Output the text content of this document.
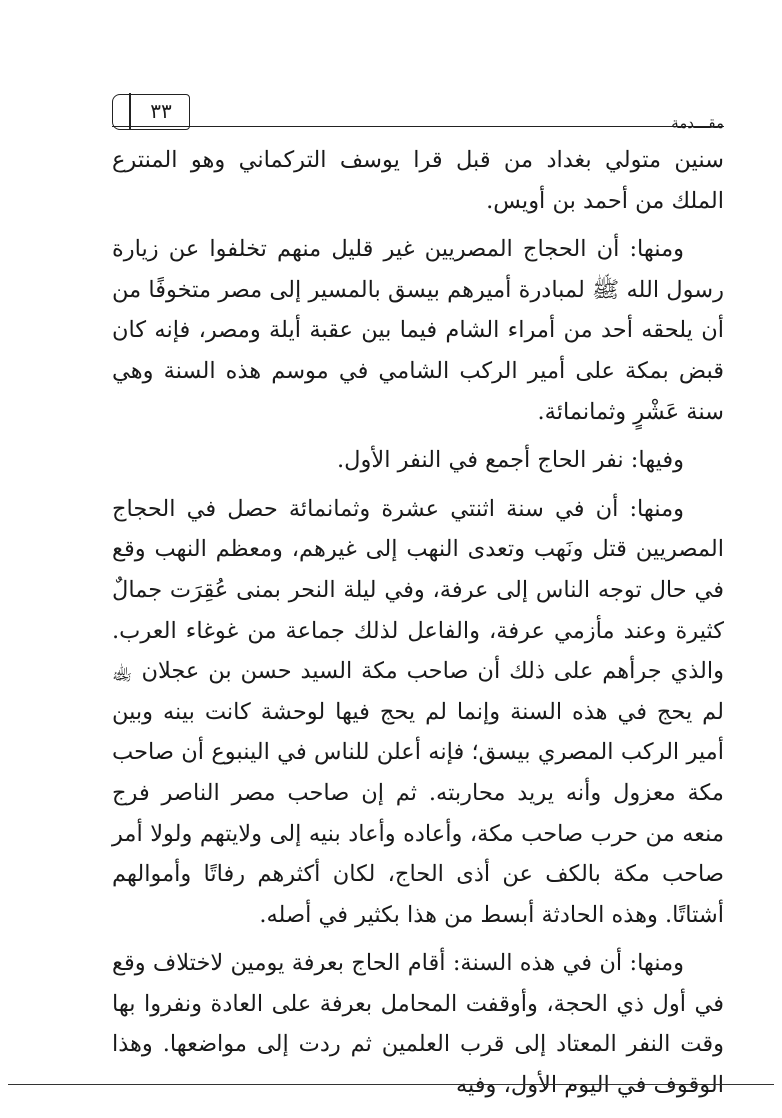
٣٣	مقـــدمة

سنين متولي بغداد من قبل قرا يوسف التركماني وهو المنترع الملك من أحمد بن أويس.

ومنها: أن الحجاج المصريين غير قليل منهم تخلفوا عن زيارة رسول الله ﷺ لمبادرة أميرهم بيسق بالمسير إلى مصر متخوفًا من أن يلحقه أحد من أمراء الشام فيما بين عقبة أيلة ومصر، فإنه كان قبض بمكة على أمير الركب الشامي في موسم هذه السنة وهي سنة عَشْرٍ وثمانمائة.

وفيها: نفر الحاج أجمع في النفر الأول.

ومنها: أن في سنة اثنتي عشرة وثمانمائة حصل في الحجاج المصريين قتل ونَهب وتعدى النهب إلى غيرهم، ومعظم النهب وقع في حال توجه الناس إلى عرفة، وفي ليلة النحر بمنى عُقِرَت جمالٌ كثيرة وعند مأزمي عرفة، والفاعل لذلك جماعة من غوغاء العرب. والذي جرأهم على ذلك أن صاحب مكة السيد حسن بن عجلان ﵀ لم يحج في هذه السنة وإنما لم يحج فيها لوحشة كانت بينه وبين أمير الركب المصري بيسق؛ فإنه أعلن للناس في الينبوع أن صاحب مكة معزول وأنه يريد محاربته. ثم إن صاحب مصر الناصر فرج منعه من حرب صاحب مكة، وأعاده وأعاد بنيه إلى ولايتهم ولولا أمر صاحب مكة بالكف عن أذى الحاج، لكان أكثرهم رفاتًا وأموالهم أشتاتًا. وهذه الحادثة أبسط من هذا بكثير في أصله.

ومنها: أن في هذه السنة: أقام الحاج بعرفة يومين لاختلاف وقع في أول ذي الحجة، وأوقفت المحامل بعرفة على العادة ونفروا بها وقت النفر المعتاد إلى قرب العلمين ثم ردت إلى مواضعها. وهذا الوقوف في اليوم الأول، وفيه
